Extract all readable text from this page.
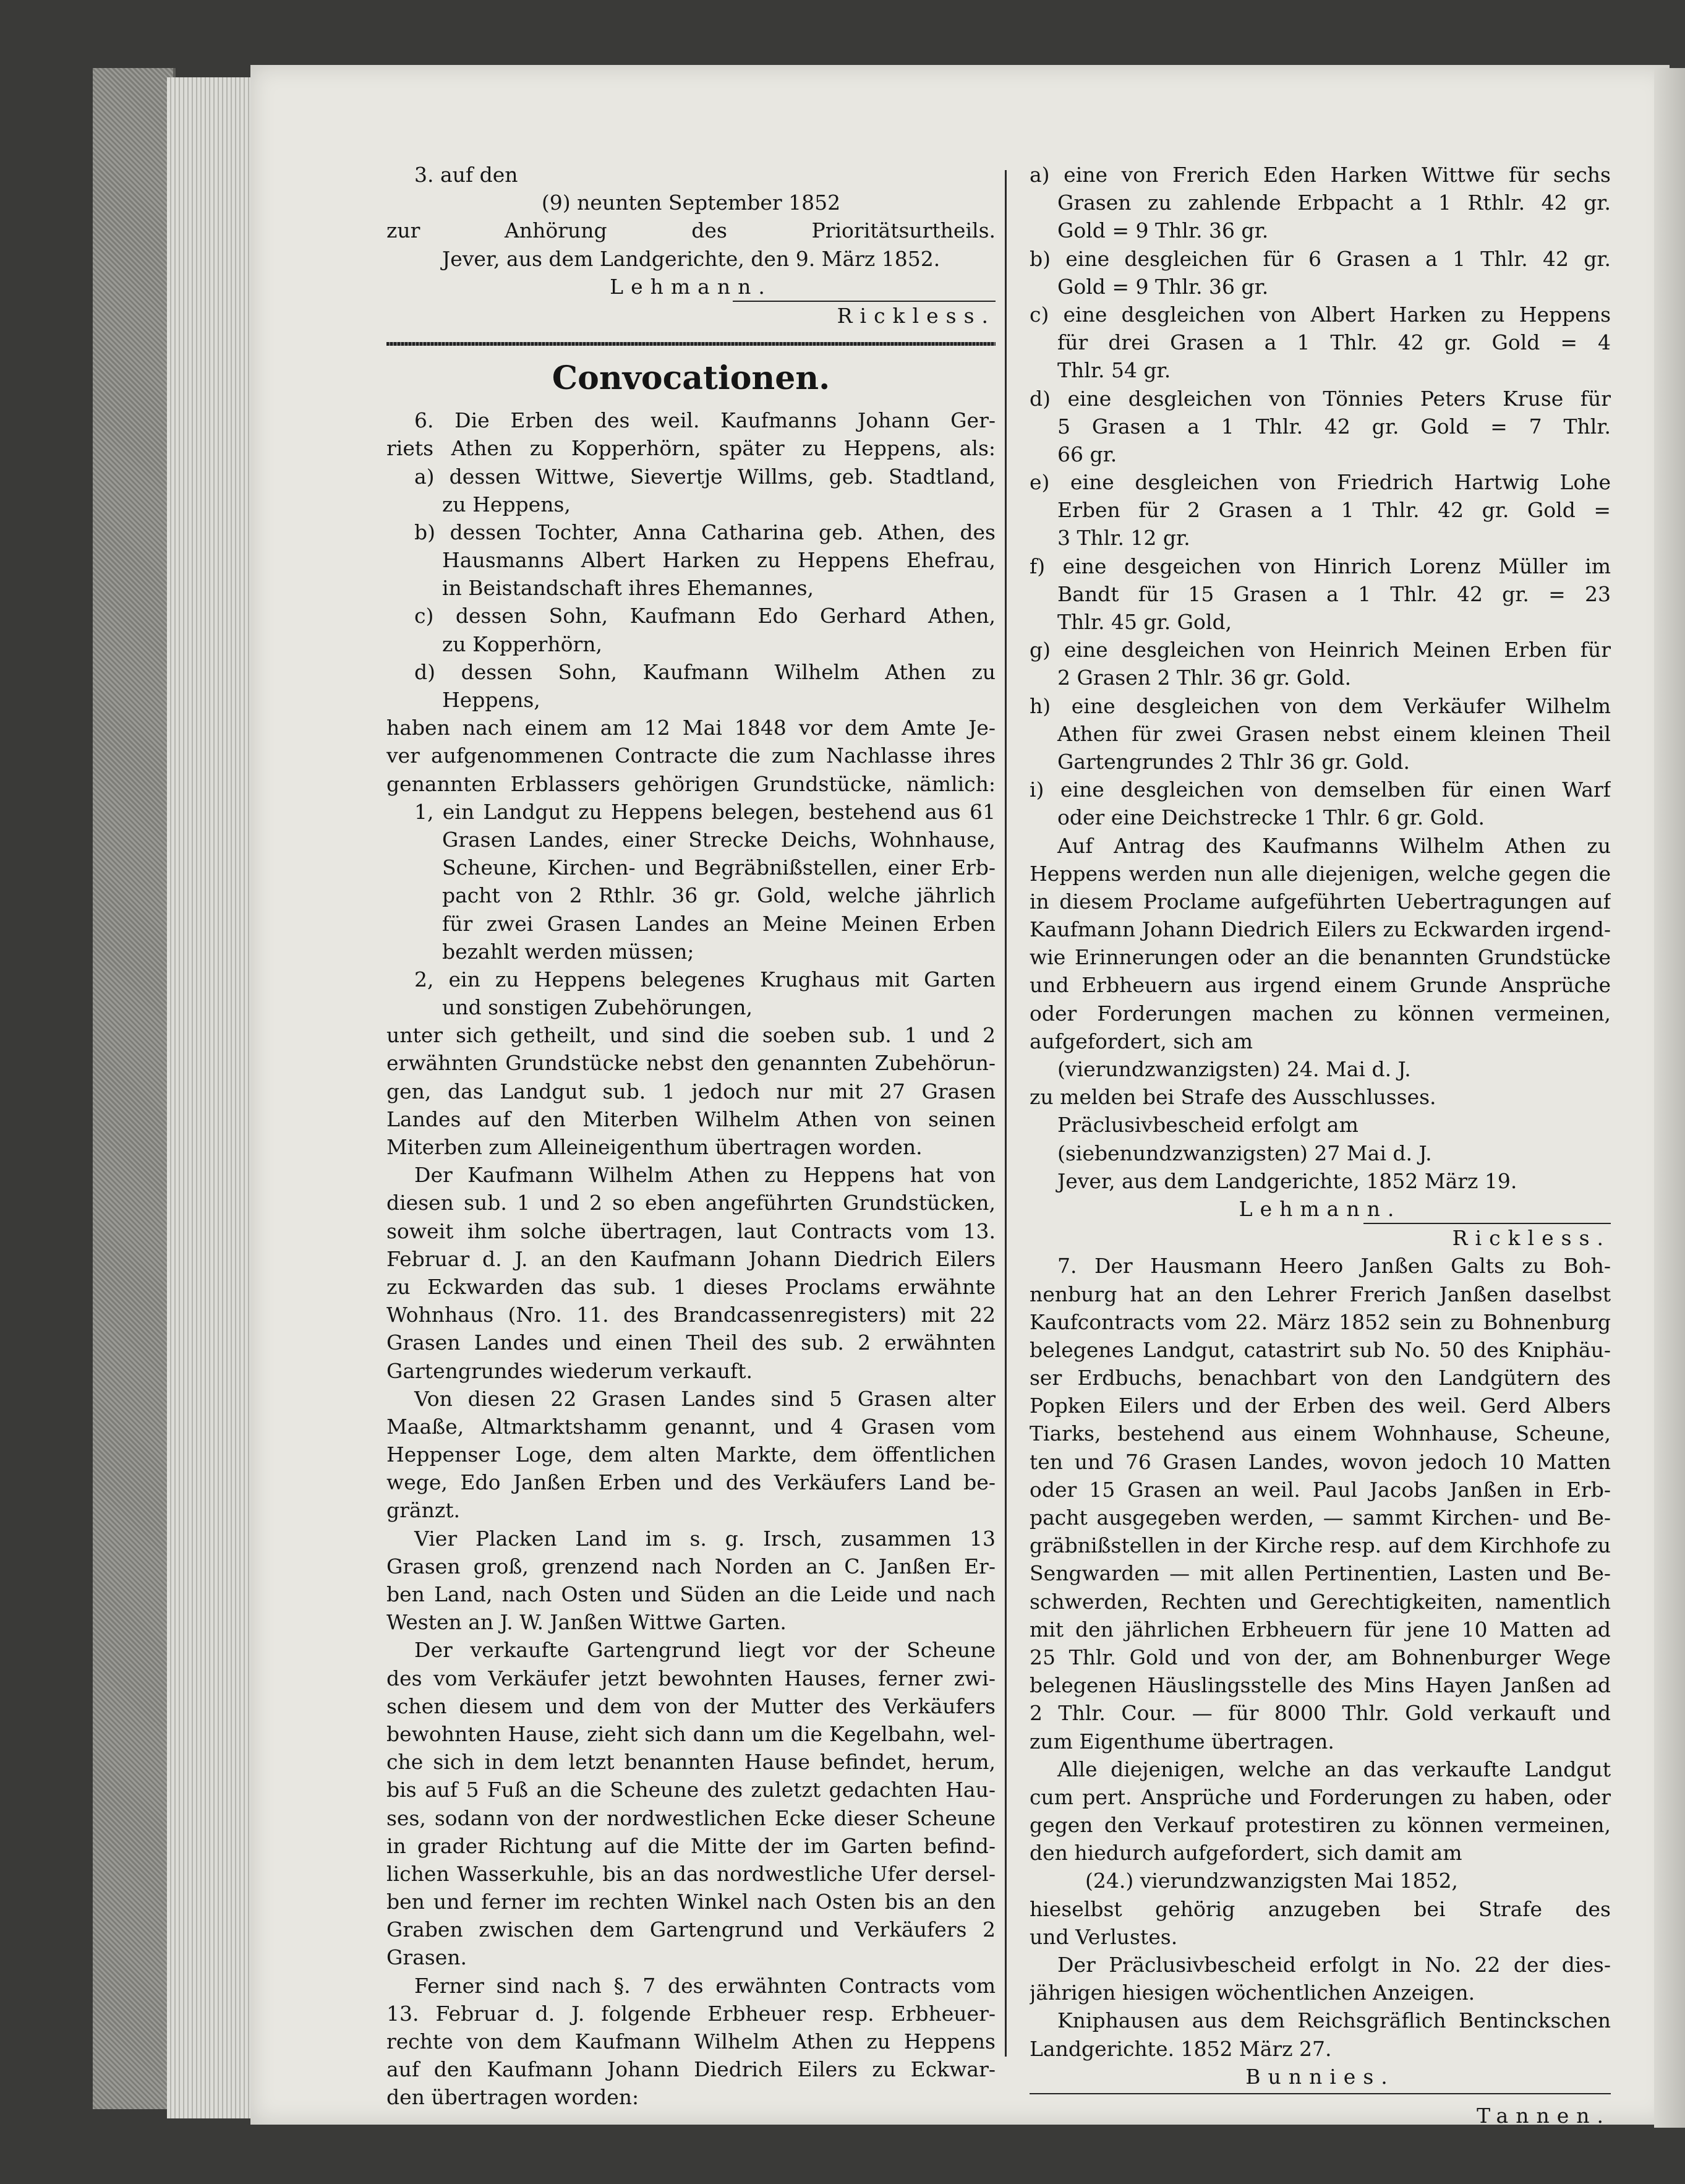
3. auf den
(9) neunten September 1852
zur Anhörung des Prioritätsurtheils.
Jever, aus dem Landgerichte, den 9. März 1852.
Lehmann.
Rickless.
Convocationen.
6. Die Erben des weil. Kaufmanns Johann Ger-
riets Athen zu Kopperhörn, später zu Heppens, als:
a) dessen Wittwe, Sievertje Willms, geb. Stadtland,
zu Heppens,
b) dessen Tochter, Anna Catharina geb. Athen, des
Hausmanns Albert Harken zu Heppens Ehefrau,
in Beistandschaft ihres Ehemannes,
c) dessen Sohn, Kaufmann Edo Gerhard Athen,
zu Kopperhörn,
d) dessen Sohn, Kaufmann Wilhelm Athen zu
Heppens,
haben nach einem am 12 Mai 1848 vor dem Amte Je-
ver aufgenommenen Contracte die zum Nachlasse ihres
genannten Erblassers gehörigen Grundstücke, nämlich:
1, ein Landgut zu Heppens belegen, bestehend aus 61
Grasen Landes, einer Strecke Deichs, Wohnhause,
Scheune, Kirchen- und Begräbnißstellen, einer Erb-
pacht von 2 Rthlr. 36 gr. Gold, welche jährlich
für zwei Grasen Landes an Meine Meinen Erben
bezahlt werden müssen;
2, ein zu Heppens belegenes Krughaus mit Garten
und sonstigen Zubehörungen,
unter sich getheilt, und sind die soeben sub. 1 und 2
erwähnten Grundstücke nebst den genannten Zubehörun-
gen, das Landgut sub. 1 jedoch nur mit 27 Grasen
Landes auf den Miterben Wilhelm Athen von seinen
Miterben zum Alleineigenthum übertragen worden.
Der Kaufmann Wilhelm Athen zu Heppens hat von
diesen sub. 1 und 2 so eben angeführten Grundstücken,
soweit ihm solche übertragen, laut Contracts vom 13.
Februar d. J. an den Kaufmann Johann Diedrich Eilers
zu Eckwarden das sub. 1 dieses Proclams erwähnte
Wohnhaus (Nro. 11. des Brandcassenregisters) mit 22
Grasen Landes und einen Theil des sub. 2 erwähnten
Gartengrundes wiederum verkauft.
Von diesen 22 Grasen Landes sind 5 Grasen alter
Maaße, Altmarktshamm genannt, und 4 Grasen vom
Heppenser Loge, dem alten Markte, dem öffentlichen
wege, Edo Janßen Erben und des Verkäufers Land be-
gränzt.
Vier Placken Land im s. g. Irsch, zusammen 13
Grasen groß, grenzend nach Norden an C. Janßen Er-
ben Land, nach Osten und Süden an die Leide und nach
Westen an J. W. Janßen Wittwe Garten.
Der verkaufte Gartengrund liegt vor der Scheune
des vom Verkäufer jetzt bewohnten Hauses, ferner zwi-
schen diesem und dem von der Mutter des Verkäufers
bewohnten Hause, zieht sich dann um die Kegelbahn, wel-
che sich in dem letzt benannten Hause befindet, herum,
bis auf 5 Fuß an die Scheune des zuletzt gedachten Hau-
ses, sodann von der nordwestlichen Ecke dieser Scheune
in grader Richtung auf die Mitte der im Garten befind-
lichen Wasserkuhle, bis an das nordwestliche Ufer dersel-
ben und ferner im rechten Winkel nach Osten bis an den
Graben zwischen dem Gartengrund und Verkäufers 2
Grasen.
Ferner sind nach §. 7 des erwähnten Contracts vom
13. Februar d. J. folgende Erbheuer resp. Erbheuer-
rechte von dem Kaufmann Wilhelm Athen zu Heppens
auf den Kaufmann Johann Diedrich Eilers zu Eckwar-
den übertragen worden:
a) eine von Frerich Eden Harken Wittwe für sechs
Grasen zu zahlende Erbpacht a 1 Rthlr. 42 gr.
Gold = 9 Thlr. 36 gr.
b) eine desgleichen für 6 Grasen a 1 Thlr. 42 gr.
Gold = 9 Thlr. 36 gr.
c) eine desgleichen von Albert Harken zu Heppens
für drei Grasen a 1 Thlr. 42 gr. Gold = 4
Thlr. 54 gr.
d) eine desgleichen von Tönnies Peters Kruse für
5 Grasen a 1 Thlr. 42 gr. Gold = 7 Thlr.
66 gr.
e) eine desgleichen von Friedrich Hartwig Lohe
Erben für 2 Grasen a 1 Thlr. 42 gr. Gold =
3 Thlr. 12 gr.
f) eine desgeichen von Hinrich Lorenz Müller im
Bandt für 15 Grasen a 1 Thlr. 42 gr. = 23
Thlr. 45 gr. Gold,
g) eine desgleichen von Heinrich Meinen Erben für
2 Grasen 2 Thlr. 36 gr. Gold.
h) eine desgleichen von dem Verkäufer Wilhelm
Athen für zwei Grasen nebst einem kleinen Theil
Gartengrundes 2 Thlr 36 gr. Gold.
i) eine desgleichen von demselben für einen Warf
oder eine Deichstrecke 1 Thlr. 6 gr. Gold.
Auf Antrag des Kaufmanns Wilhelm Athen zu
Heppens werden nun alle diejenigen, welche gegen die
in diesem Proclame aufgeführten Uebertragungen auf
Kaufmann Johann Diedrich Eilers zu Eckwarden irgend-
wie Erinnerungen oder an die benannten Grundstücke
und Erbheuern aus irgend einem Grunde Ansprüche
oder Forderungen machen zu können vermeinen,
aufgefordert, sich am
(vierundzwanzigsten) 24. Mai d. J.
zu melden bei Strafe des Ausschlusses.
Präclusivbescheid erfolgt am
(siebenundzwanzigsten) 27 Mai d. J.
Jever, aus dem Landgerichte, 1852 März 19.
Lehmann.
Rickless.
7. Der Hausmann Heero Janßen Galts zu Boh-
nenburg hat an den Lehrer Frerich Janßen daselbst
Kaufcontracts vom 22. März 1852 sein zu Bohnenburg
belegenes Landgut, catastrirt sub No. 50 des Kniphäu-
ser Erdbuchs, benachbart von den Landgütern des
Popken Eilers und der Erben des weil. Gerd Albers
Tiarks, bestehend aus einem Wohnhause, Scheune,
ten und 76 Grasen Landes, wovon jedoch 10 Matten
oder 15 Grasen an weil. Paul Jacobs Janßen in Erb-
pacht ausgegeben werden, — sammt Kirchen- und Be-
gräbnißstellen in der Kirche resp. auf dem Kirchhofe zu
Sengwarden — mit allen Pertinentien, Lasten und Be-
schwerden, Rechten und Gerechtigkeiten, namentlich
mit den jährlichen Erbheuern für jene 10 Matten ad
25 Thlr. Gold und von der, am Bohnenburger Wege
belegenen Häuslingsstelle des Mins Hayen Janßen ad
2 Thlr. Cour. — für 8000 Thlr. Gold verkauft und
zum Eigenthume übertragen.
Alle diejenigen, welche an das verkaufte Landgut
cum pert. Ansprüche und Forderungen zu haben, oder
gegen den Verkauf protestiren zu können vermeinen,
den hiedurch aufgefordert, sich damit am
(24.) vierundzwanzigsten Mai 1852,
hieselbst gehörig anzugeben bei Strafe des
und Verlustes.
Der Präclusivbescheid erfolgt in No. 22 der dies-
jährigen hiesigen wöchentlichen Anzeigen.
Kniphausen aus dem Reichsgräflich Bentinckschen
Landgerichte. 1852 März 27.
Bunnies.
Tannen.
